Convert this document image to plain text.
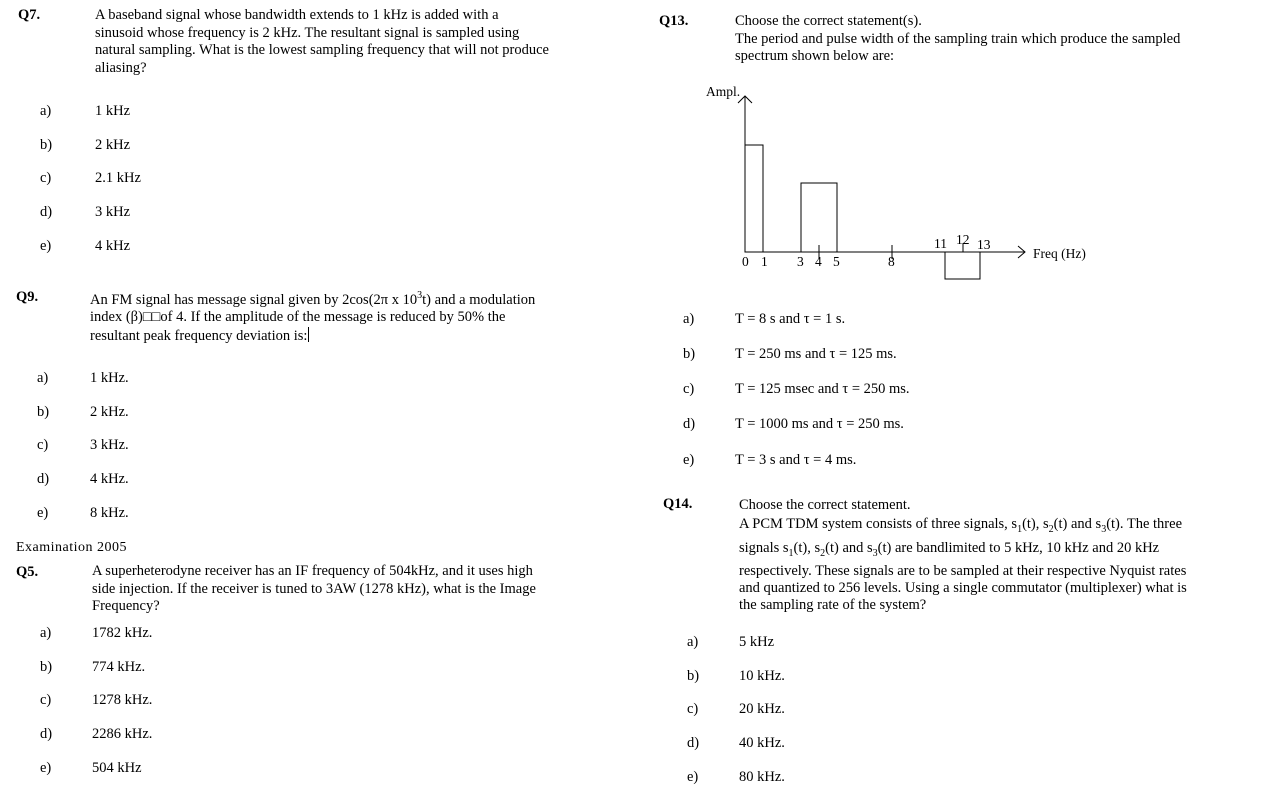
Q7.	A baseband signal whose bandwidth extends to 1 kHz is added with a
sinusoid whose frequency is 2 kHz. The resultant signal is sampled using
natural sampling. What is the lowest sampling frequency that will not produce
aliasing?
a)	1 kHz
b)	2 kHz
c)	2.1 kHz
d)	3 kHz
e)	4 kHz
Q9.	An FM signal has message signal given by 2cos(2π x $10^3t$) and a modulation
index (β)□□of 4. If the amplitude of the message is reduced by 50% the
resultant peak frequency deviation is:
a)	1 kHz.
b)	2 kHz.
c)	3 kHz.
d)	4 kHz.
e)	8 kHz.
Examination 2005
Q5.	A superheterodyne receiver has an IF frequency of 504kHz, and it uses high
side injection. If the receiver is tuned to 3AW (1278 kHz), what is the Image
Frequency?
a)	1782 kHz.
b)	774 kHz.
c)	1278 kHz.
d)	2286 kHz.
e)	504 kHz
Q13.	Choose the correct statement(s).
The period and pulse width of the sampling train which produce the sampled
spectrum shown below are:
Ampl.
Freq (Hz)
0 1 3 4 5	8
11 12 13
a)	T = 8 s and τ = 1 s.
b)	T = 250 ms and τ = 125 ms.
c)	T = 125 msec and τ = 250 ms.
d)	T = 1000 ms and τ = 250 ms.
e)	T = 3 s and τ = 4 ms.
Q14.	Choose the correct statement.
A PCM TDM system consists of three signals, $s_1(t)$, $s_2(t)$ and $s_3(t)$. The three
signals $s_1(t)$, $s_2(t)$ and $s_3(t)$ are bandlimited to 5 kHz, 10 kHz and 20 kHz
respectively. These signals are to be sampled at their respective Nyquist rates
and quantized to 256 levels. Using a single commutator (multiplexer) what is
the sampling rate of the system?
a)	5 kHz
b)	10 kHz.
c)	20 kHz.
d)	40 kHz.
e)	80 kHz.
